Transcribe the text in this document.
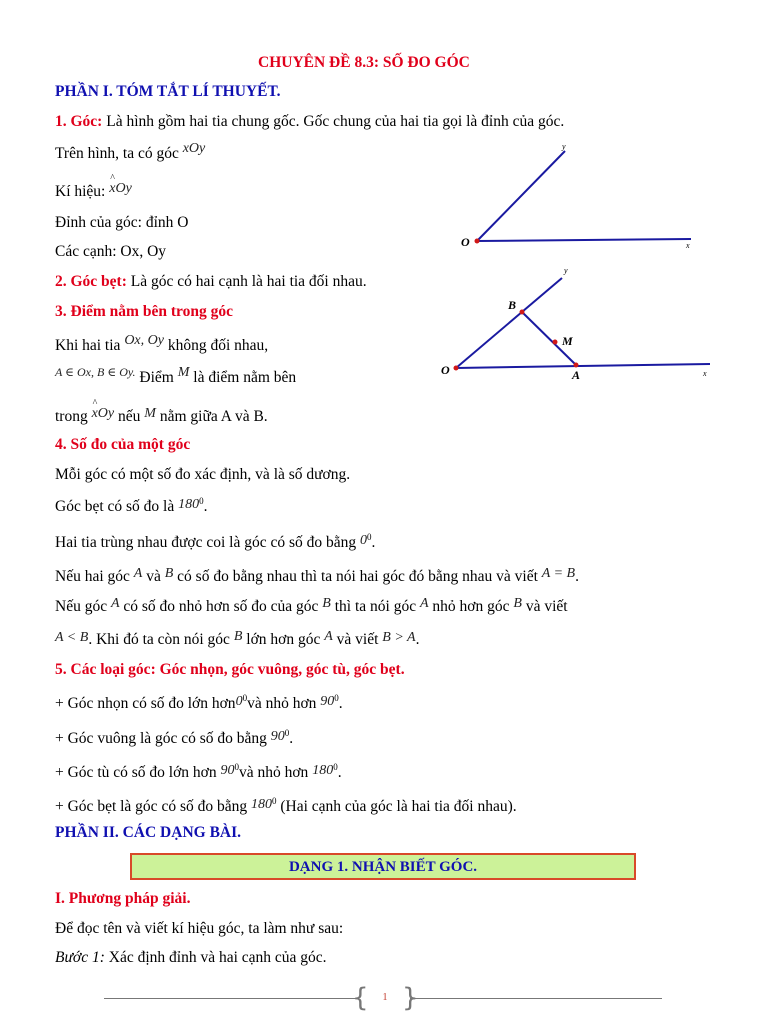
CHUYÊN ĐỀ 8.3: SỐ ĐO GÓC
PHẦN I. TÓM TẮT LÍ THUYẾT.
1. Góc: Là hình gồm hai tia chung gốc. Gốc chung của hai tia gọi là đỉnh của góc.
Trên hình, ta có góc xOy
Kí hiệu:
^
xOy
Đỉnh của góc: đỉnh O
Các cạnh: Ox, Oy
2. Góc bẹt: Là góc có hai cạnh là hai tia đối nhau.
3. Điểm nằm bên trong góc
Khi hai tia Ox, Oy không đối nhau,
$^{A \in Ox, B \in Oy.}$ Điểm M là điểm nằm bên
trong
^
xOy nếu M nằm giữa A và B.
4. Số đo của một góc
Mỗi góc có một số đo xác định, và là số dương.
Góc bẹt có số đo là $180^0$.
Hai tia trùng nhau được coi là góc có số đo bằng $0^0$.
Nếu hai góc A và B có số đo bằng nhau thì ta nói hai góc đó bằng nhau và viết A = B.
Nếu góc A có số đo nhỏ hơn số đo của góc B thì ta nói góc A nhỏ hơn góc B và viết
A < B. Khi đó ta còn nói góc B lớn hơn góc A và viết B > A.
5. Các loại góc: Góc nhọn, góc vuông, góc tù, góc bẹt.
+ Góc nhọn có số đo lớn $hơn0^0và$ nhỏ hơn $90^0$.
+ Góc vuông là góc có số đo bằng $90^0$.
+ Góc tù có số đo lớn hơn $90^0và$ nhỏ hơn $180^0$.
+ Góc bẹt là góc có số đo bằng $180^0$ (Hai cạnh của góc là hai tia đối nhau).
PHẦN II. CÁC DẠNG BÀI.
DẠNG 1. NHẬN BIẾT GÓC.
I. Phương pháp giải.
Để đọc tên và viết kí hiệu góc, ta làm như sau:
Bước 1: Xác định đỉnh và hai cạnh của góc.
O
y
x
O
B
M
A
y
x
{ }
1
